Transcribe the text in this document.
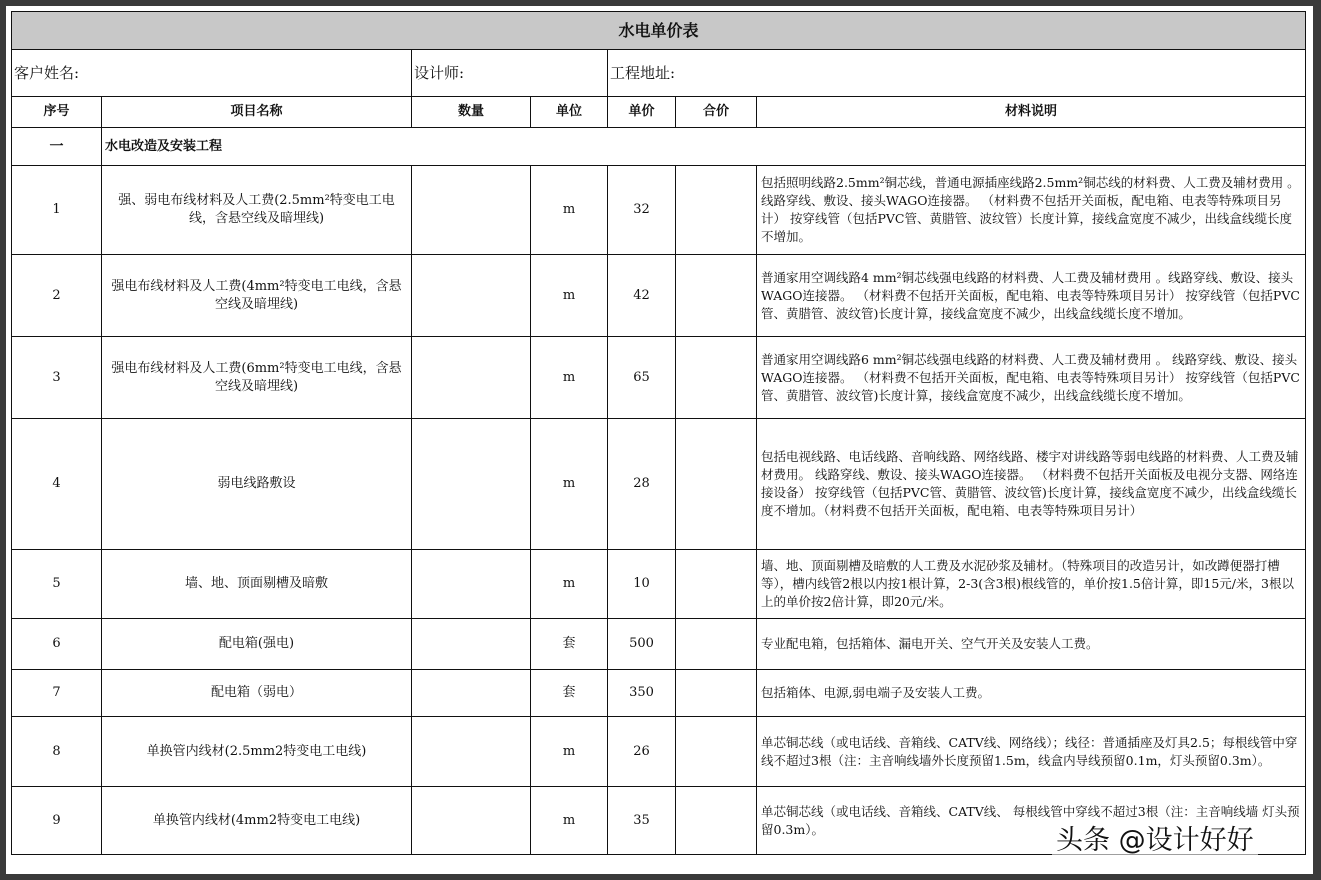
水电单价表						
客户姓名:		设计师:		工程地址:		
序号	项目名称	数量	单位	单价	合价	材料说明
一	水电改造及安装工程					
1	强、弱电布线材料及人工费(2.5mm²特变电工电线，含悬空线及暗埋线)		m	32		包括照明线路2.5mm²铜芯线，普通电源插座线路2.5mm²铜芯线的材料费、人工费及辅材费用 。线路穿线、敷设、接头WAGO连接器。 （材料费不包括开关面板，配电箱、电表等特殊项目另计） 按穿线管（包括PVC管、黄腊管、波纹管）长度计算，接线盒宽度不减少，出线盒线缆长度不增加。
2	强电布线材料及人工费(4mm²特变电工电线，含悬空线及暗埋线)		m	42		普通家用空调线路4 mm²铜芯线强电线路的材料费、人工费及辅材费用 。线路穿线、敷设、接头WAGO连接器。 （材料费不包括开关面板，配电箱、电表等特殊项目另计） 按穿线管（包括PVC管、黄腊管、波纹管)长度计算，接线盒宽度不减少，出线盒线缆长度不增加。
3	强电布线材料及人工费(6mm²特变电工电线，含悬空线及暗埋线)		m	65		普通家用空调线路6 mm²铜芯线强电线路的材料费、人工费及辅材费用 。 线路穿线、敷设、接头WAGO连接器。 （材料费不包括开关面板，配电箱、电表等特殊项目另计） 按穿线管（包括PVC管、黄腊管、波纹管)长度计算，接线盒宽度不减少，出线盒线缆长度不增加。
4	弱电线路敷设		m	28		包括电视线路、电话线路、音响线路、网络线路、楼宇对讲线路等弱电线路的材料费、人工费及辅材费用。 线路穿线、敷设、接头WAGO连接器。 （材料费不包括开关面板及电视分支器、网络连接设备） 按穿线管（包括PVC管、黄腊管、波纹管)长度计算，接线盒宽度不减少，出线盒线缆长度不增加。（材料费不包括开关面板，配电箱、电表等特殊项目另计）
5	墙、地、顶面剔槽及暗敷		m	10		墙、地、顶面剔槽及暗敷的人工费及水泥砂浆及辅材。（特殊项目的改造另计，如改蹲便器打槽等），槽内线管2根以内按1根计算，2-3(含3根)根线管的，单价按1.5倍计算，即15元/米，3根以上的单价按2倍计算，即20元/米。
6	配电箱(强电)		套	500		专业配电箱，包括箱体、漏电开关、空气开关及安装人工费。
7	配电箱（弱电）		套	350		包括箱体、电源,弱电端子及安装人工费。
8	单换管内线材(2.5mm2特变电工电线)		m	26		单芯铜芯线（或电话线、音箱线、CATV线、网络线）；线径：普通插座及灯具2.5；每根线管中穿线不超过3根（注：主音响线墙外长度预留1.5m，线盒内导线预留0.1m，灯头预留0.3m）。
9	单换管内线材(4mm2特变电工电线)		m	35		单芯铜芯线（或电话线、音箱线、CATV线、 每根线管中穿线不超过3根（注：主音响线墙 灯头预留0.3m）。	头条 @设计好好
